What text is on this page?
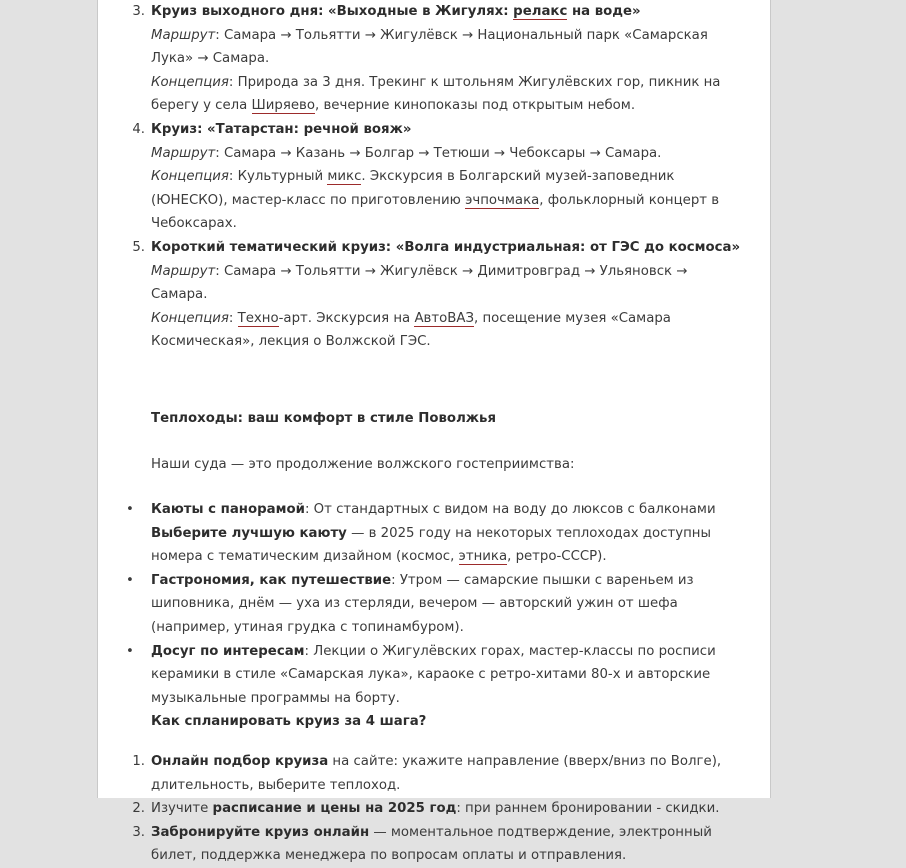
3. Круиз выходного дня: «Выходные в Жигулях: релакс на воде»

Маршрут: Самара → Тольятти → Жигулёвск → Национальный парк «Самарская Лука» → Самара.

Концепция: Природа за 3 дня. Трекинг к штольням Жигулёвских гор, пикник на берегу у села Ширяево, вечерние кинопоказы под открытым небом.

4. Круиз: «Татарстан: речной вояж»

Маршрут: Самара → Казань → Болгар → Тетюши → Чебоксары → Самара.

Концепция: Культурный микс. Экскурсия в Болгарский музей-заповедник (ЮНЕСКО), мастер-класс по приготовлению эчпочмака, фольклорный концерт в Чебоксарах.

5. Короткий тематический круиз: «Волга индустриальная: от ГЭС до космоса»

Маршрут: Самара → Тольятти → Жигулёвск → Димитровград → Ульяновск → Самара.

Концепция: Техно-арт. Экскурсия на АвтоВАЗ, посещение музея «Самара Космическая», лекция о Волжской ГЭС.

Теплоходы: ваш комфорт в стиле Поволжья

Наши суда — это продолжение волжского гостеприимства:

• Каюты с панорамой: От стандартных с видом на воду до люксов с балконами Выберите лучшую каюту — в 2025 году на некоторых теплоходах доступны номера с тематическим дизайном (космос, этника, ретро-СССР).
• Гастрономия, как путешествие: Утром — самарские пышки с вареньем из шиповника, днём — уха из стерляди, вечером — авторский ужин от шефа (например, утиная грудка с топинамбуром).
• Досуг по интересам: Лекции о Жигулёвских горах, мастер-классы по росписи керамики в стиле «Самарская лука», караоке с ретро-хитами 80-х и авторские музыкальные программы на борту.

Как спланировать круиз за 4 шага?

1. Онлайн подбор круиза на сайте: укажите направление (вверх/вниз по Волге), длительность, выберите теплоход.
2. Изучите расписание и цены на 2025 год: при раннем бронировании - скидки.
3. Забронируйте круиз онлайн — моментальное подтверждение, электронный билет, поддержка менеджера по вопросам оплаты и отправления.
